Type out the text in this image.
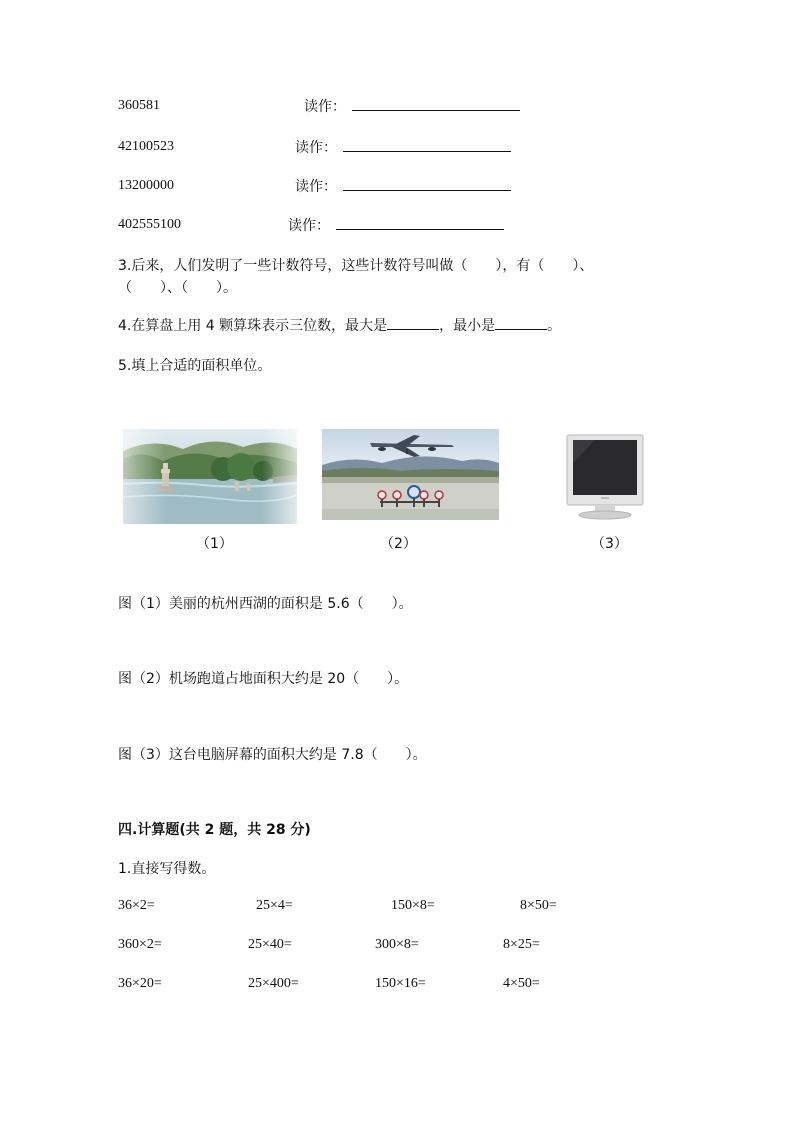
360581	读作：
42100523	读作：
13200000	读作：
402555100	读作：
3.后来，人们发明了一些计数符号，这些计数符号叫做（　　），有（　　）、
（　　）、（　　）。
4.在算盘上用 4 颗算珠表示三位数，最大是	，最小是	。
5.填上合适的面积单位。
（1）	（2）	（3）
图（1）美丽的杭州西湖的面积是 5.6（　　）。
图（2）机场跑道占地面积大约是 20（　　）。
图（3）这台电脑屏幕的面积大约是 7.8（　　）。
四.计算题(共 2 题，共 28 分)
1.直接写得数。
36×2=	25×4=	150×8=	8×50=
360×2=	25×40=	300×8=	8×25=
36×20=	25×400=	150×16=	4×50=
